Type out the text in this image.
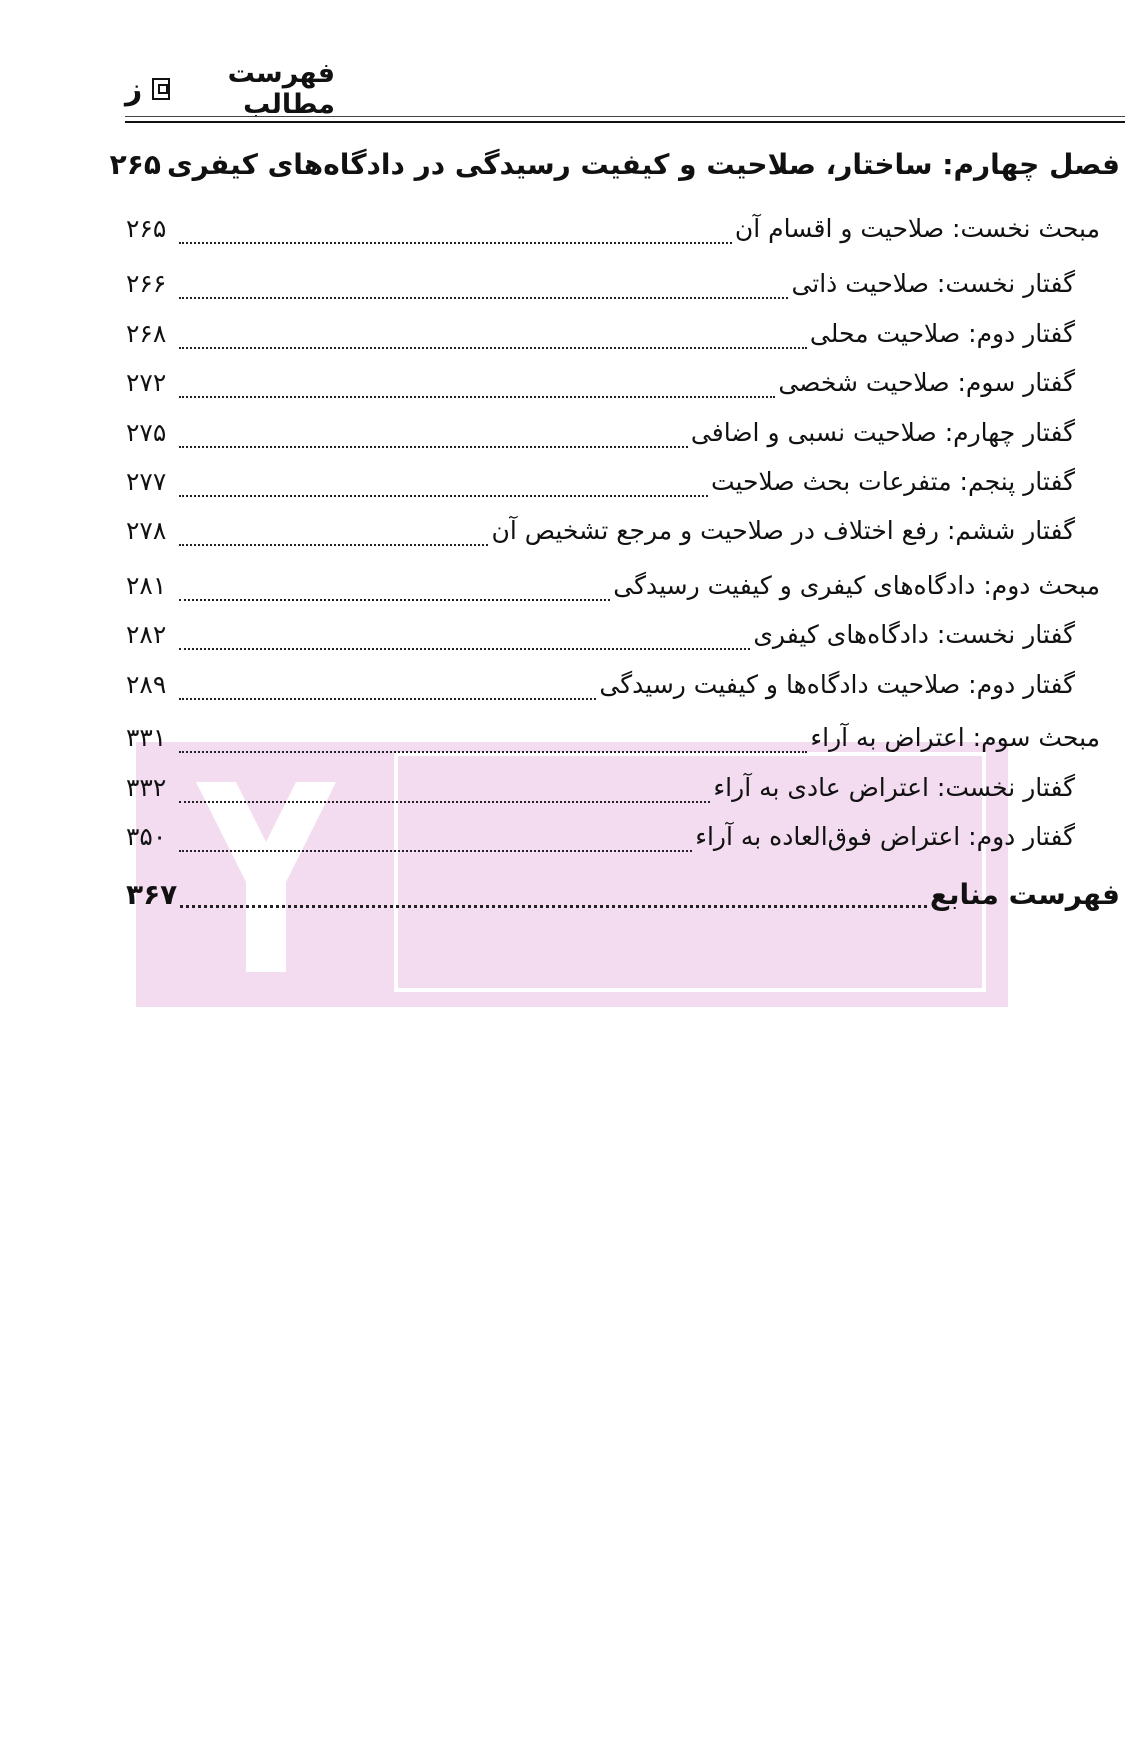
فهرست مطالب
ز
فصل چهارم: ساختار، صلاحیت و کیفیت رسیدگی در دادگاه‌های کیفری
۲۶۵
مبحث نخست: صلاحیت و اقسام آن
۲۶۵
گفتار نخست: صلاحیت ذاتی
۲۶۶
گفتار دوم: صلاحیت محلی
۲۶۸
گفتار سوم: صلاحیت شخصی
۲۷۲
گفتار چهارم: صلاحیت نسبی و اضافی
۲۷۵
گفتار پنجم: متفرعات بحث صلاحیت
۲۷۷
گفتار ششم: رفع اختلاف در صلاحیت و مرجع تشخیص آن
۲۷۸
مبحث دوم: دادگاه‌های کیفری و کیفیت رسیدگی
۲۸۱
گفتار نخست: دادگاه‌های کیفری
۲۸۲
گفتار دوم: صلاحیت دادگاه‌ها و کیفیت رسیدگی
۲۸۹
مبحث سوم: اعتراض به آراء
۳۳۱
گفتار نخست: اعتراض عادی به آراء
۳۳۲
گفتار دوم: اعتراض فوق‌العاده به آراء
۳۵۰
فهرست منابع
۳۶۷
